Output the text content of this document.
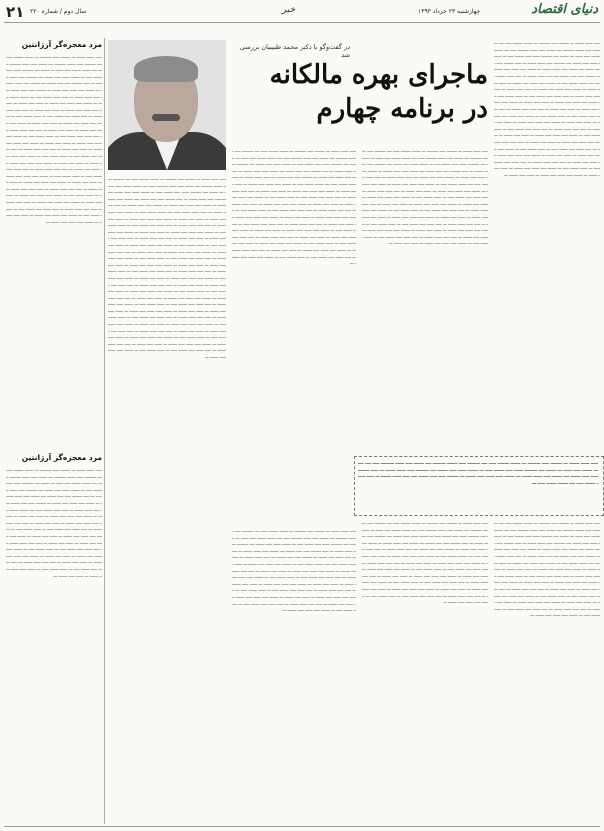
۲۱ سال دوم / شماره ۲۲۰	خبر	چهارشنبه ۲۳ خرداد ۱۳۹۳	دنیای اقتصاد
مرد معجزه‌گر آرژانتین
ـــــ ــــــ ـــــــ ـــ ــــــــ ـــــ ـــــــــ ـــ ـــــــ ــــــــ ـــــ ــــ ـــــــــ ـــــ ـــــــ ـــــــــ ــــ ـــــــ ـــــ ــــــ ـــــــــ ـــــ ــــ ـــــــ ـــــــ ـــــ ــــــ ـــ ـــــــ ــــ ـــــــــ ــــــ ـــــ ـــــــ ـــــ ـــ ـــــــ ــــــ ـــــ ـــــــ ــــ ـــــــــ ـــــ ــــــ ـــــــ ـــ ـــــ ــــــــ ـــــ ـــــ ـــــــ ــــ ـــــــ ـــــ ــــــ ـــــــ ـــ ـــــــ ـــــ ــــــ ـــــ ـــــــ ـــ ــــــــ ـــــ ـــــ ـــــــ ــــ ـــــ ــــــ ـــــــ ـــ ـــــ ــــــ ـــــــ ـــــ ــــ ـــــــ ـــــــ ـــــ ـــ ـــــــ ـــــ ــــــ ـــــ ـــــــ ـــ ــــــ ـــــ ـــــــ ـــ ـــــــ ـــــ ــــــ ـــــ ـــــــ ـــ ــــــ ـــــ ـــــــ ـــ ـــــ ـــــ ــــــ ـــــــ ـــ ـــــ ــــــ ـــــ ـــــــ ـــــ ـــ ــــــ ـــــــ ـــــ ـــ ـــــــ ـــــ ــــــ ـــــ ـــــــ ـــ ــــــ ـــــ ـــــــ ـــ ـــــــ ـــــ ــــــ ـــــ ـــــــ ـــ ــــــ ـــــ ـــــــ ـــ ـــــ ـــــ ــــــ ـــــــ ـــ ـــــ ــــــ ـــــ ـــــــ ـــــ ـــ ــــــ ـــــــ ـــــ ـــ ـــــــ ـــــ ــــــ ـــــ ـــــــ ـــ ــــــ ـــــ ـــــــ ـــ ـــــــ ـــــ ــــــ ـــــ ـــــــ ـــ ــــــ ـــــ ـــــــ ـــ ـــــ ـــــ ــــــ ـــــــ ـــ ـــــ ــــــ ـــــ ـــــــ ـــــ ـــ ــــــ ـــــــ ـــــ ـــ ـــــــ ـــــ ــــــ ـــــ ـــــــ ـــ ــــــ ـــــ ـــــــ ـــ ـــــــ ـــــ ــــــ ـــــ ـــــــ ـــ ــــــ ـــــ ـــــــ ـــ ـــــ ـــــ ــــــ ـــــــ ـــ ـــــ ــــــ ـــــ ـــــــ ـــــ ـــ ــــــ ـــــــ ـــــ ـــ ـــــــ ـــــ ــــــ ـــــ ـــــــ ـــ ــــــ ـــــ ـــــــ ـــ ـــــــ ـــــ ــــــ ـــــ ـــــــ ـــ ــــــ ـــــ ـــــــ ـــ ـــــ ـــــ ــــــ ـــــــ ـــ ـــــ ــــــ ـــــ ـــــــ ـــــ ـــ ــــــ ـــــــ ـــــ ـــ ـــــــ ـــــ ــــــ ـــــ ـــــــ ـــ ــــــ ـــــ ـــــــ ـــ ـــــــ ـــــ ــــــ ـــــ ـــــــ ـــ ــــــ ـــــ ـــــــ ـــ ـــــ ـــــ ــــــ ـــــــ ـــ ـــــ ــــــ ـــــ ـــــــ ـــــ ـــ ــــــ ـــــــ ـــــ ـــ ـــــــ ـــــ ــــــ ـــــ ـــــــ ـــ ــــــ ـــــ ـــــــ ـــ ـــــــ ـــــ ــــــ ـــــ ـــــــ ـــ
مرد معجزه‌گر آرژانتین
ـــــ ــــــ ـــــــ ـــ ــــــــ ـــــ ـــــــــ ـــ ـــــــ ــــــــ ـــــ ــــ ـــــــــ ـــــ ـــــــ ـــــــــ ــــ ـــــــ ـــــ ــــــ ـــــــــ ـــــ ــــ ـــــــ ـــــــ ـــــ ــــــ ـــ ـــــــ ــــ ـــــــــ ــــــ ـــــ ـــــــ ـــــ ـــ ـــــــ ــــــ ـــــ ـــــــ ــــ ـــــــــ ـــــ ــــــ ـــــــ ـــ ـــــ ــــــــ ـــــ ـــــ ـــــــ ــــ ـــــــ ـــــ ــــــ ـــــــ ـــ ـــــــ ـــــ ــــــ ـــــ ـــــــ ـــ ــــــــ ـــــ ـــــ ـــــــ ــــ ـــــ ــــــ ـــــــ ـــ ـــــ ــــــ ـــــــ ـــــ ــــ ـــــــ ـــــــ ـــــ ـــ ـــــــ ـــــ ــــــ ـــــ ـــــــ ـــ ــــــ ـــــ ـــــــ ـــ ـــــــ ـــــ ــــــ ـــــ ـــــــ ـــ ــــــ ـــــ ـــــــ ـــ ـــــ ـــــ ــــــ ـــــــ ـــ ـــــ ــــــ ـــــ ـــــــ ـــــ ـــ ــــــ ـــــــ ـــــ ـــ ـــــــ ـــــ ــــــ ـــــ ـــــــ ـــ ــــــ ـــــ ـــــــ ـــ ـــــــ ـــــ ــــــ ـــــ ـــــــ ـــ ــــــ ـــــ ـــــــ ـــ ـــــ ـــــ ــــــ ـــــــ ـــ ـــــ ــــــ ـــــ ـــــــ ـــــ ـــ ــــــ ـــــــ ـــــ ـــ ـــــــ ـــــ ــــــ ـــــ ـــــــ ـــ ــــــ ـــــ ـــــــ ـــ ـــــــ ـــــ ــــــ ـــــ ـــــــ ـــ ــــــ ـــــ ـــــــ ـــ ـــــ ـــــ ــــــ ـــــــ ـــ ـــــ ــــــ ـــــ ـــــــ ـــــ ـــ ــــــ ـــــــ ـــــ ـــ ـــــــ ـــــ ــــــ ـــــ ـــــــ ـــ ــــــ ـــــ ـــــــ ـــ
در گفت‌وگو با دکتر محمد طبیبیان بررسی شد
ماجرای بهره مالکانه
در برنامه چهارم
ـــــ ــــــ ـــــــ ـــ ــــــــ ـــــ ـــــــــ ـــ ـــــــ ــــــــ ـــــ ــــ ـــــــــ ـــــ ـــــــ ـــــــــ ــــ ـــــــ ـــــ ــــــ ـــــــــ ـــــ ــــ ـــــــ ـــــــ ـــــ ــــــ ـــ ـــــــ ــــ ـــــــــ ــــــ ـــــ ـــــــ ـــــ ـــ ـــــــ ــــــ ـــــ ـــــــ ــــ ـــــــــ ـــــ ــــــ ـــــــ ـــ ـــــ ــــــــ ـــــ ـــــ ـــــــ ــــ ـــــــ ـــــ ــــــ ـــــــ ـــ ـــــــ ـــــ ــــــ ـــــ ـــــــ ـــ ــــــــ ـــــ ـــــ ـــــــ ــــ ـــــ ــــــ ـــــــ ـــ ـــــ ــــــ ـــــــ ـــــ ــــ ـــــــ ـــــــ ـــــ ـــ ـــــــ ـــــ ــــــ ـــــ ـــــــ ـــ ــــــ ـــــ ـــــــ ـــ ـــــــ ـــــ ــــــ ـــــ ـــــــ ـــ ــــــ ـــــ ـــــــ ـــ ـــــ ـــــ ــــــ ـــــــ ـــ ـــــ ــــــ ـــــ ـــــــ ـــــ ـــ ــــــ ـــــــ ـــــ ـــ ـــــــ ـــــ ــــــ ـــــ ـــــــ ـــ ــــــ ـــــ ـــــــ ـــ ـــــــ ـــــ ــــــ ـــــ ـــــــ ـــ ــــــ ـــــ ـــــــ ـــ ـــــ ـــــ ــــــ ـــــــ ـــ ـــــ ــــــ ـــــ ـــــــ ـــــ ـــ ــــــ ـــــــ ـــــ ـــ ـــــــ ـــــ ــــــ ـــــ ـــــــ ـــ ــــــ ـــــ ـــــــ ـــ ـــــــ ـــــ ــــــ ـــــ ـــــــ ـــ ــــــ ـــــ ـــــــ ـــ ـــــ ـــــ ــــــ ـــــــ ـــ ـــــ ــــــ ـــــ ـــــــ ـــــ ـــ ــــــ ـــــــ ـــــ ـــ ـــــــ ـــــ ــــــ ـــــ ـــــــ ـــ ــــــ ـــــ ـــــــ ـــ ـــــــ ـــــ ــــــ ـــــ ـــــــ ـــ ــــــ ـــــ ـــــــ ـــ ـــــ ـــــ ــــــ ـــــــ ـــ ـــــ ــــــ ـــــ ـــــــ ـــــ ـــ ــــــ ـــــــ ـــــ ـــ ـــــــ ـــــ ــــــ ـــــ ـــــــ ـــ ــــــ ـــــ ـــــــ ـــ ـــــــ ـــــ ــــــ ـــــ ـــــــ ـــ ــــــ ـــــ ـــــــ ـــ ـــــ ـــــ ــــــ ـــــــ ـــ ـــــ ــــــ ـــــ ـــــــ ـــــ ـــ ــــــ ـــــــ ـــــ ـــ ـــــــ ـــــ ــــــ ـــــ ـــــــ ـــ ــــــ ـــــ ـــــــ ـــ ـــــــ ـــــ ــــــ ـــــ ـــــــ ـــ ــــــ ـــــ ـــــــ ـــ
ـــــ ــــــ ـــــــ ـــ ــــــــ ـــــ ـــــــــ ـــ ـــــــ ــــــــ ـــــ ــــ ـــــــــ ـــــ ـــــــ ـــــــــ ــــ ـــــــ ـــــ ــــــ ـــــــــ ـــــ ــــ ـــــــ ـــــــ ـــــ ــــــ ـــ ـــــــ ــــ ـــــــــ ــــــ ـــــ ـــــــ ـــــ ـــ ـــــــ ــــــ ـــــ ـــــــ ــــ ـــــــــ ـــــ ــــــ ـــــــ ـــ ـــــ ــــــــ ـــــ ـــــ ـــــــ ــــ ـــــــ ـــــ ــــــ ـــــــ ـــ ـــــــ ـــــ ــــــ ـــــ ـــــــ ـــ ــــــــ ـــــ ـــــ ـــــــ ــــ ـــــ ــــــ ـــــــ ـــ ـــــ ــــــ ـــــــ ـــــ ــــ ـــــــ ـــــــ ـــــ ـــ ـــــــ ـــــ ــــــ ـــــ ـــــــ ـــ ــــــ ـــــ ـــــــ ـــ ـــــــ ـــــ ــــــ ـــــ ـــــــ ـــ ــــــ ـــــ ـــــــ ـــ ـــــ ـــــ ــــــ ـــــــ ـــ ـــــ ــــــ ـــــ ـــــــ ـــــ ـــ ــــــ ـــــــ ـــــ ـــ ـــــــ ـــــ ــــــ ـــــ ـــــــ ـــ ــــــ ـــــ ـــــــ ـــ ـــــــ ـــــ ــــــ ـــــ ـــــــ ـــ ــــــ ـــــ ـــــــ ـــ ـــــ ـــــ ــــــ ـــــــ ـــ ـــــ ــــــ ـــــ ـــــــ ـــــ ـــ ــــــ ـــــــ ـــــ ـــ ـــــــ ـــــ ــــــ ـــــ ـــــــ ـــ ــــــ ـــــ ـــــــ ـــ ـــــــ ـــــ ــــــ ـــــ ـــــــ ـــ ــــــ ـــــ ـــــــ ـــ ـــــ ـــــ ــــــ ـــــــ ـــ ـــــ ــــــ ـــــ ـــــــ ـــــ ـــ ــــــ ـــــــ ـــــ ـــ ـــــــ ـــــ ــــــ ـــــ ـــــــ ـــ ــــــ ـــــ ـــــــ ـــ ـــــــ ـــــ ــــــ ـــــ ـــــــ ـــ ــــــ ـــــ ـــــــ ـــ ـــــ ـــــ ــــــ ـــــــ ـــ ـــــ ــــــ ـــــ ـــــــ ـــــ ـــ ــــــ ـــــــ ـــــ ـــ ـــــــ ـــــ ــــــ ـــــ ـــــــ ـــ ــــــ ـــــ ـــــــ ـــ
ـــــ ــــــ ـــــــ ـــ ــــــــ ـــــ ـــــــــ ـــ ـــــــ ــــــــ ـــــ ــــ ـــــــــ ـــــ ـــــــ ـــــــــ ــــ ـــــــ ـــــ ــــــ ـــــــــ ـــــ ــــ ـــــــ ـــــــ ـــــ ــــــ ـــ ـــــــ ــــ ـــــــــ ــــــ ـــــ ـــــــ ـــــ ـــ ـــــــ ــــــ ـــــ ـــــــ ــــ ـــــــــ ـــــ ــــــ ـــــــ ـــ ـــــ ــــــــ ـــــ ـــــ ـــــــ ــــ ـــــــ ـــــ ــــــ ـــــــ ـــ ـــــــ ـــــ ــــــ ـــــ ـــــــ ـــ ــــــــ ـــــ ـــــ ـــــــ ــــ ـــــ ــــــ ـــــــ ـــ ـــــ ــــــ ـــــــ ـــــ ــــ ـــــــ ـــــــ ـــــ ـــ ـــــــ ـــــ ــــــ ـــــ ـــــــ ـــ ــــــ ـــــ ـــــــ ـــ ـــــــ ـــــ ــــــ ـــــ ـــــــ ـــ ــــــ ـــــ ـــــــ ـــ ـــــ ـــــ ــــــ ـــــــ ـــ ـــــ ــــــ ـــــ ـــــــ ـــــ ـــ ــــــ ـــــــ ـــــ ـــ ـــــــ ـــــ ــــــ ـــــ ـــــــ ـــ ــــــ ـــــ ـــــــ ـــ ـــــــ ـــــ ــــــ ـــــ ـــــــ ـــ ــــــ ـــــ ـــــــ ـــ ـــــ ـــــ ــــــ ـــــــ ـــ ـــــ ــــــ ـــــ ـــــــ ـــــ ـــ ــــــ ـــــــ ـــــ ـــ ـــــــ ـــــ ــــــ ـــــ ـــــــ ـــ ــــــ ـــــ ـــــــ ـــ ـــــــ ـــــ ــــــ ـــــ ـــــــ ـــ ــــــ ـــــ ـــــــ ـــ ـــــ ـــــ ــــــ ـــــــ ـــ ـــــ ــــــ ـــــ ـــــــ ـــــ ـــ ــــــ ـــــــ ـــــ ـــ ـــــــ ـــــ ــــــ ـــــ ـــــــ ـــ ــــــ ـــــ ـــــــ ـــ ـــــــ ـــــ ــــــ ـــــ ـــــــ ـــ ــــــ ـــــ ـــــــ ـــ ـــــ ـــــ ــــــ ـــــــ ـــ ـــــ ــــــ ـــــ ـــــــ ـــــ ـــ ــــــ ـــــــ ـــــ ـــ ـــــــ ـــــ ــــــ ـــــ ـــــــ ـــ ــــــ ـــــ ـــــــ ـــ ـــــــ ـــــ ــــــ ـــــ ـــــــ ـــ ــــــ ـــــ ـــــــ ـــ ـــــ ـــــ ــــــ ـــــــ ـــ ـــــ ــــــ ـــــ ـــــــ ـــــ ـــ ــــــ ـــــــ ـــــ ـــ ـــــــ ـــــ ــــــ ـــــ ـــــــ ـــ
ـــــ ــــــ ـــــــ ـــ ــــــــ ـــــ ـــــــــ ـــ ـــــــ ــــــــ ـــــ ــــ ـــــــــ ـــــ ـــــــ ـــــــــ ــــ ـــــــ ـــــ ــــــ ـــــــــ ـــــ ــــ ـــــــ ـــــــ ـــــ ــــــ ـــ ـــــــ ــــ ـــــــــ ــــــ ـــــ ـــــــ ـــــ ـــ ـــــــ ــــــ ـــــ ـــــــ ــــ ـــــــــ ـــــ ــــــ ـــــــ ـــ ـــــ ــــــــ ـــــ ـــــ ـــــــ ــــ ـــــــ ـــــ ــــــ ـــــــ ـــ ـــــــ ـــــ ــــــ ـــــ ـــــــ ـــ ــــــــ ـــــ ـــــ ـــــــ ــــ ـــــ ــــــ ـــــــ ـــ ـــــ ــــــ ـــــــ ـــــ ــــ ـــــــ ـــــــ ـــــ ـــ ـــــــ ـــــ ــــــ ـــــ ـــــــ ـــ ــــــ ـــــ ـــــــ ـــ ـــــــ ـــــ ــــــ ـــــ ـــــــ ـــ ــــــ ـــــ ـــــــ ـــ ـــــ ـــــ ــــــ ـــــــ ـــ ـــــ ــــــ ـــــ ـــــــ ـــــ ـــ ــــــ ـــــــ ـــــ ـــ ـــــــ ـــــ ــــــ ـــــ ـــــــ ـــ ــــــ ـــــ ـــــــ ـــ ـــــــ ـــــ ــــــ ـــــ ـــــــ ـــ ــــــ ـــــ ـــــــ ـــ ـــــ ـــــ ــــــ ـــــــ ـــ ـــــ ــــــ ـــــ ـــــــ ـــــ ـــ ــــــ ـــــــ ـــــ ـــ ـــــــ ـــــ ــــــ ـــــ ـــــــ ـــ ــــــ ـــــ ـــــــ ـــ ـــــــ ـــــ ــــــ ـــــ ـــــــ ـــ ــــــ ـــــ ـــــــ ـــ ـــــ ـــــ ــــــ ـــــــ ـــ ـــــ ــــــ ـــــ ـــــــ ـــــ ـــ ــــــ ـــــــ ـــــ ـــ ـــــــ ـــــ ــــــ ـــــ ـــــــ ـــ ــــــ ـــــ ـــــــ ـــ ـــــــ ـــــ ــــــ ـــــ ـــــــ ـــ ــــــ ـــــ ـــــــ ـــ ـــــ ـــــ ــــــ ـــــــ ـــ ـــــ ــــــ ـــــ ـــــــ ـــــ ـــ ــــــ ـــــــ ـــــ ـــ ـــــــ ـــــ ــــــ ـــــ ـــــــ ـــ ــــــ ـــــ ـــــــ ـــ ـــــــ ـــــ ــــــ ـــــ ـــــــ ـــ ــــــ ـــــ ـــــــ ـــ ـــــ ـــــ ــــــ ـــــــ ـــ ـــــ ــــــ ـــــ ـــــــ ـــــ ـــ ــــــ ـــــــ ـــــ ـــ ـــــــ ـــــ ــــــ ـــــ ـــــــ ـــ ــــــ ـــــ ـــــــ ـــ ـــــــ ـــــ ــــــ ـــــ ـــــــ ـــ ــــــ ـــــ ـــــــ ـــ ـــــ ـــــ ــــــ ـــــــ ـــ ـــــ ــــــ ـــــ ـــــــ ـــــ ـــ ــــــ ـــــــ ـــــ ـــ ـــــــ ـــــ ــــــ ـــــ ـــــــ ـــ ــــــ ـــــ ـــــــ ـــ ـــــــ ـــــ ــــــ ـــــ ـــــــ ـــ ــــــ ـــــ ـــــــ ـــ ـــــ ـــــ ــــــ ـــــــ ـــ ـــــ ــــــ ـــــ ـــــــ ـــــ ـــ ــــــ ـــــــ ـــــ ـــ ـــــــ ـــــ ــــــ ـــــ ـــــــ ـــ ــــــ ـــــ ـــــــ ـــ ـــــــ ـــــ ــــــ ـــــ ـــــــ ـــ ــــــ ـــــ ـــــــ ـــ ـــــ ـــــ ــــــ ـــــــ ـــ ـــــ ــــــ ـــــ ـــــــ ـــــ ـــ ــــــ ـــــــ ـــــ ـــ ـــــــ ـــــ ــــــ ـــــ ـــــــ ـــ ــــــ ـــــ ـــــــ ـــ ـــــــ ـــــ ــــــ ـــــ ـــــــ ـــ ــــــ ـــــ ـــــــ ـــ ـــــ ـــــ ــــــ ـــــــ ـــ ـــــ ــــــ ـــــ ـــــــ ـــــ ـــ ــــــ ـــــــ ـــــ ـــ ـــــــ ـــــ ــــــ ـــــ ـــــــ ـــ
ـــــ ــــــ ـــــــ ـــ ــــــــ ـــــ ـــــــــ ـــ ـــــــ ــــــــ ـــــ ــــ ـــــــــ ـــــ ـــــــ ـــــــــ ــــ ـــــــ ـــــ ــــــ ـــــــــ ـــــ ــــ ـــــــ ـــــــ ـــــ ــــــ ـــ ـــــــ ــــ ـــــــــ ــــــ ـــــ ـــــــ ـــــ ـــ ـــــــ ــــــ ـــــ ـــــــ ــــ ـــــــــ ـــــ ــــــ ـــــــ ـــ ـــــ ــــــــ ـــــ ـــــ ـــــــ ــــ ـــــــ ـــــ ــــــ ـــــــ ـــ ـــــــ ـــــ ــــــ ـــــ ـــــــ ـــ ــــــــ ـــــ ـــــ ـــــــ ــــ ـــــ ــــــ ـــــــ ـــ ـــــ ــــــ ـــــــ ـــــ ــــ ـــــــ ـــــــ ـــــ ـــ
ـــــ ــــــ ـــــــ ـــ ــــــــ ـــــ ـــــــــ ـــ ـــــــ ــــــــ ـــــ ــــ ـــــــــ ـــــ ـــــــ ـــــــــ ــــ ـــــــ ـــــ ــــــ ـــــــــ ـــــ ــــ ـــــــ ـــــــ ـــــ ــــــ ـــ ـــــــ ــــ ـــــــــ ــــــ ـــــ ـــــــ ـــــ ـــ ـــــــ ــــــ ـــــ ـــــــ ــــ ـــــــــ ـــــ ــــــ ـــــــ ـــ ـــــ ــــــــ ـــــ ـــــ ـــــــ ــــ ـــــــ ـــــ ــــــ ـــــــ ـــ ـــــــ ـــــ ــــــ ـــــ ـــــــ ـــ ــــــــ ـــــ ـــــ ـــــــ ــــ ـــــ ــــــ ـــــــ ـــ ـــــ ــــــ ـــــــ ـــــ ــــ ـــــــ ـــــــ ـــــ ـــ ـــــــ ـــــ ــــــ ـــــ ـــــــ ـــ ــــــ ـــــ ـــــــ ـــ ـــــــ ـــــ ــــــ ـــــ ـــــــ ـــ ــــــ ـــــ ـــــــ ـــ ـــــ ـــــ ــــــ ـــــــ ـــ ـــــ ــــــ ـــــ ـــــــ ـــــ ـــ ــــــ ـــــــ ـــــ ـــ ـــــــ ـــــ ــــــ ـــــ ـــــــ ـــ ــــــ ـــــ ـــــــ ـــ ـــــــ ـــــ ــــــ ـــــ ـــــــ ـــ ــــــ ـــــ ـــــــ ـــ ـــــ ـــــ ــــــ ـــــــ ـــ ـــــ ــــــ ـــــ ـــــــ ـــــ ـــ ــــــ ـــــــ ـــــ ـــ ـــــــ ـــــ ــــــ ـــــ ـــــــ ـــ ــــــ ـــــ ـــــــ ـــ ـــــــ ـــــ ــــــ ـــــ ـــــــ ـــ ــــــ ـــــ ـــــــ ـــ ـــــ ـــــ ــــــ ـــــــ ـــ ـــــ ــــــ ـــــ ـــــــ ـــــ ـــ ــــــ ـــــــ ـــــ ـــ ـــــــ ـــــ ــــــ ـــــ ـــــــ ـــ
ـــــ ــــــ ـــــــ ـــ ــــــــ ـــــ ـــــــــ ـــ ـــــــ ــــــــ ـــــ ــــ ـــــــــ ـــــ ـــــــ ـــــــــ ــــ ـــــــ ـــــ ــــــ ـــــــــ ـــــ ــــ ـــــــ ـــــــ ـــــ ــــــ ـــ ـــــــ ــــ ـــــــــ ــــــ ـــــ ـــــــ ـــــ ـــ ـــــــ ــــــ ـــــ ـــــــ ــــ ـــــــــ ـــــ ــــــ ـــــــ ـــ ـــــ ــــــــ ـــــ ـــــ ـــــــ ــــ ـــــــ ـــــ ــــــ ـــــــ ـــ ـــــــ ـــــ ــــــ ـــــ ـــــــ ـــ ــــــــ ـــــ ـــــ ـــــــ ــــ ـــــ ــــــ ـــــــ ـــ ـــــ ــــــ ـــــــ ـــــ ــــ ـــــــ ـــــــ ـــــ ـــ ـــــــ ـــــ ــــــ ـــــ ـــــــ ـــ ــــــ ـــــ ـــــــ ـــ ـــــــ ـــــ ــــــ ـــــ ـــــــ ـــ ــــــ ـــــ ـــــــ ـــ ـــــ ـــــ ــــــ ـــــــ ـــ ـــــ ــــــ ـــــ ـــــــ ـــــ ـــ ــــــ ـــــــ ـــــ ـــ ـــــــ ـــــ ــــــ ـــــ ـــــــ ـــ ــــــ ـــــ ـــــــ ـــ ـــــــ ـــــ ــــــ ـــــ ـــــــ ـــ ــــــ ـــــ ـــــــ ـــ ـــــ ـــــ ــــــ ـــــــ ـــ ـــــ ــــــ ـــــ ـــــــ ـــــ ـــ ــــــ ـــــــ ـــــ ـــ ـــــــ ـــــ ــــــ ـــــ ـــــــ ـــ ــــــ ـــــ ـــــــ ـــ ـــــــ ـــــ ــــــ ـــــ ـــــــ ـــ ــــــ ـــــ ـــــــ ـــ ـــــ ـــــ ــــــ ـــــــ ـــ ـــــ ــــــ ـــــ ـــــــ ـــــ ـــ ــــــ ـــــــ ـــــ ـــ ـــــــ ـــــ ــــــ ـــــ ـــــــ ـــ
ـــــ ــــــ ـــــــ ـــ ــــــــ ـــــ ـــــــــ ـــ ـــــــ ــــــــ ـــــ ــــ ـــــــــ ـــــ ـــــــ ـــــــــ ــــ ـــــــ ـــــ ــــــ ـــــــــ ـــــ ــــ ـــــــ ـــــــ ـــــ ــــــ ـــ ـــــــ ــــ ـــــــــ ــــــ ـــــ ـــــــ ـــــ ـــ ـــــــ ــــــ ـــــ ـــــــ ــــ ـــــــــ ـــــ ــــــ ـــــــ ـــ ـــــ ــــــــ ـــــ ـــــ ـــــــ ــــ ـــــــ ـــــ ــــــ ـــــــ ـــ ـــــــ ـــــ ــــــ ـــــ ـــــــ ـــ ــــــــ ـــــ ـــــ ـــــــ ــــ ـــــ ــــــ ـــــــ ـــ ـــــ ــــــ ـــــــ ـــــ ــــ ـــــــ ـــــــ ـــــ ـــ ـــــــ ـــــ ــــــ ـــــ ـــــــ ـــ ــــــ ـــــ ـــــــ ـــ ـــــــ ـــــ ــــــ ـــــ ـــــــ ـــ ــــــ ـــــ ـــــــ ـــ ـــــ ـــــ ــــــ ـــــــ ـــ ـــــ ــــــ ـــــ ـــــــ ـــــ ـــ ــــــ ـــــــ ـــــ ـــ ـــــــ ـــــ ــــــ ـــــ ـــــــ ـــ ــــــ ـــــ ـــــــ ـــ ـــــــ ـــــ ــــــ ـــــ ـــــــ ـــ ــــــ ـــــ ـــــــ ـــ ـــــ ـــــ ــــــ ـــــــ ـــ ـــــ ــــــ ـــــ ـــــــ ـــــ ـــ ــــــ ـــــــ ـــــ ـــ ـــــــ ـــــ ــــــ ـــــ ـــــــ ـــ ــــــ ـــــ ـــــــ ـــ ـــــــ ـــــ ــــــ ـــــ ـــــــ ـــ ــــــ ـــــ ـــــــ ـــ ـــــ ـــــ ــــــ ـــــــ ـــ ـــــ ــــــ ـــــ ـــــــ ـــــ ـــ ــــــ ـــــــ ـــــ ـــ ـــــــ ـــــ ــــــ ـــــ ـــــــ ـــ
